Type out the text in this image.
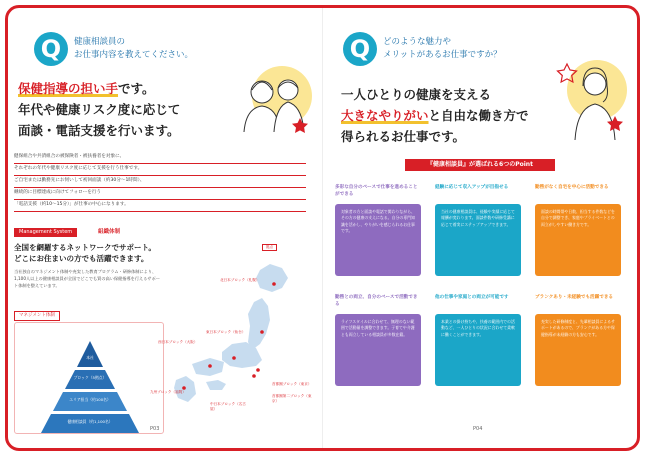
Q	健康相談員の
お仕事内容を教えてください。
保健指導の担い手です。
年代や健康リスク度に応じて
面談・電話支援を行います。
健保組合や共済組合の被保険者・被扶養者を対象に、
それぞれの年代や健康リスク度に応じて支援を行う仕事です。
ご自宅または勤務先にお伺いして初回面談（約30分～1時間）、
継続的に目標達成に向けてフォローを行う
「電話支援（約10～15分）」が仕事の中心になります。
Management System	組織体制
全国を網羅するネットワークでサポート。
どこにお住まいの方でも活躍できます。
当社独自のマネジメント体制や充実した教育プログラム・研修体制により、1,100人以上の健康相談員が全国でどこでも質の高い保健指導を行えるサポート体制を整えています。
マネジメント体制
本社
ブロック（5拠点）
エリア担当（約100名）
健康相談員（約1,100名）
拠点
北日本ブロック（札幌）
東日本ブロック（仙台）
首都圏ブロック（東京）
首都圏第二ブロック（東京）
中日本ブロック（名古屋）
西日本ブロック（大阪）
九州ブロック（福岡）
P03
Q	どのような魅力や
メリットがあるお仕事ですか？
一人ひとりの健康を支える
大きなやりがいと自由な働き方で
得られるお仕事です。
『健康相談員』が選ばれる6つのPoint
多彩な自分のペースで仕事を進めることができる
対象者の方と面談や電話で関わりながら、その方の健康の支えになる。自分の専門知識を活かし、やりがいを感じられるお仕事です。
経験に応じて収入アップが目指せる
当社の健康相談員は、経験や実績に応じて報酬が変わります。面談件数や研修受講に応じて着実にステップアップできます。
勤務がなく自宅を中心に活動できる
面談の時間帯や日数、担当する件数などを自分で調整でき、家庭やプライベートとの両立がしやすい働き方です。
勤務との両立、自分のペースで活動できる
ライフスタイルに合わせて、無理のない範囲で活動量を調整できます。子育てや介護とも両立している相談員が多数在籍。
他の仕事や家庭との両立が可能です
本業との掛け持ちや、扶養の範囲内での活動など、一人ひとりの状況に合わせて柔軟に働くことができます。
ブランクあり・未経験でも活躍できる
充実した研修制度と、先輩相談員によるサポートがあるので、ブランクがある方や保健指導が未経験の方も安心です。
P04
